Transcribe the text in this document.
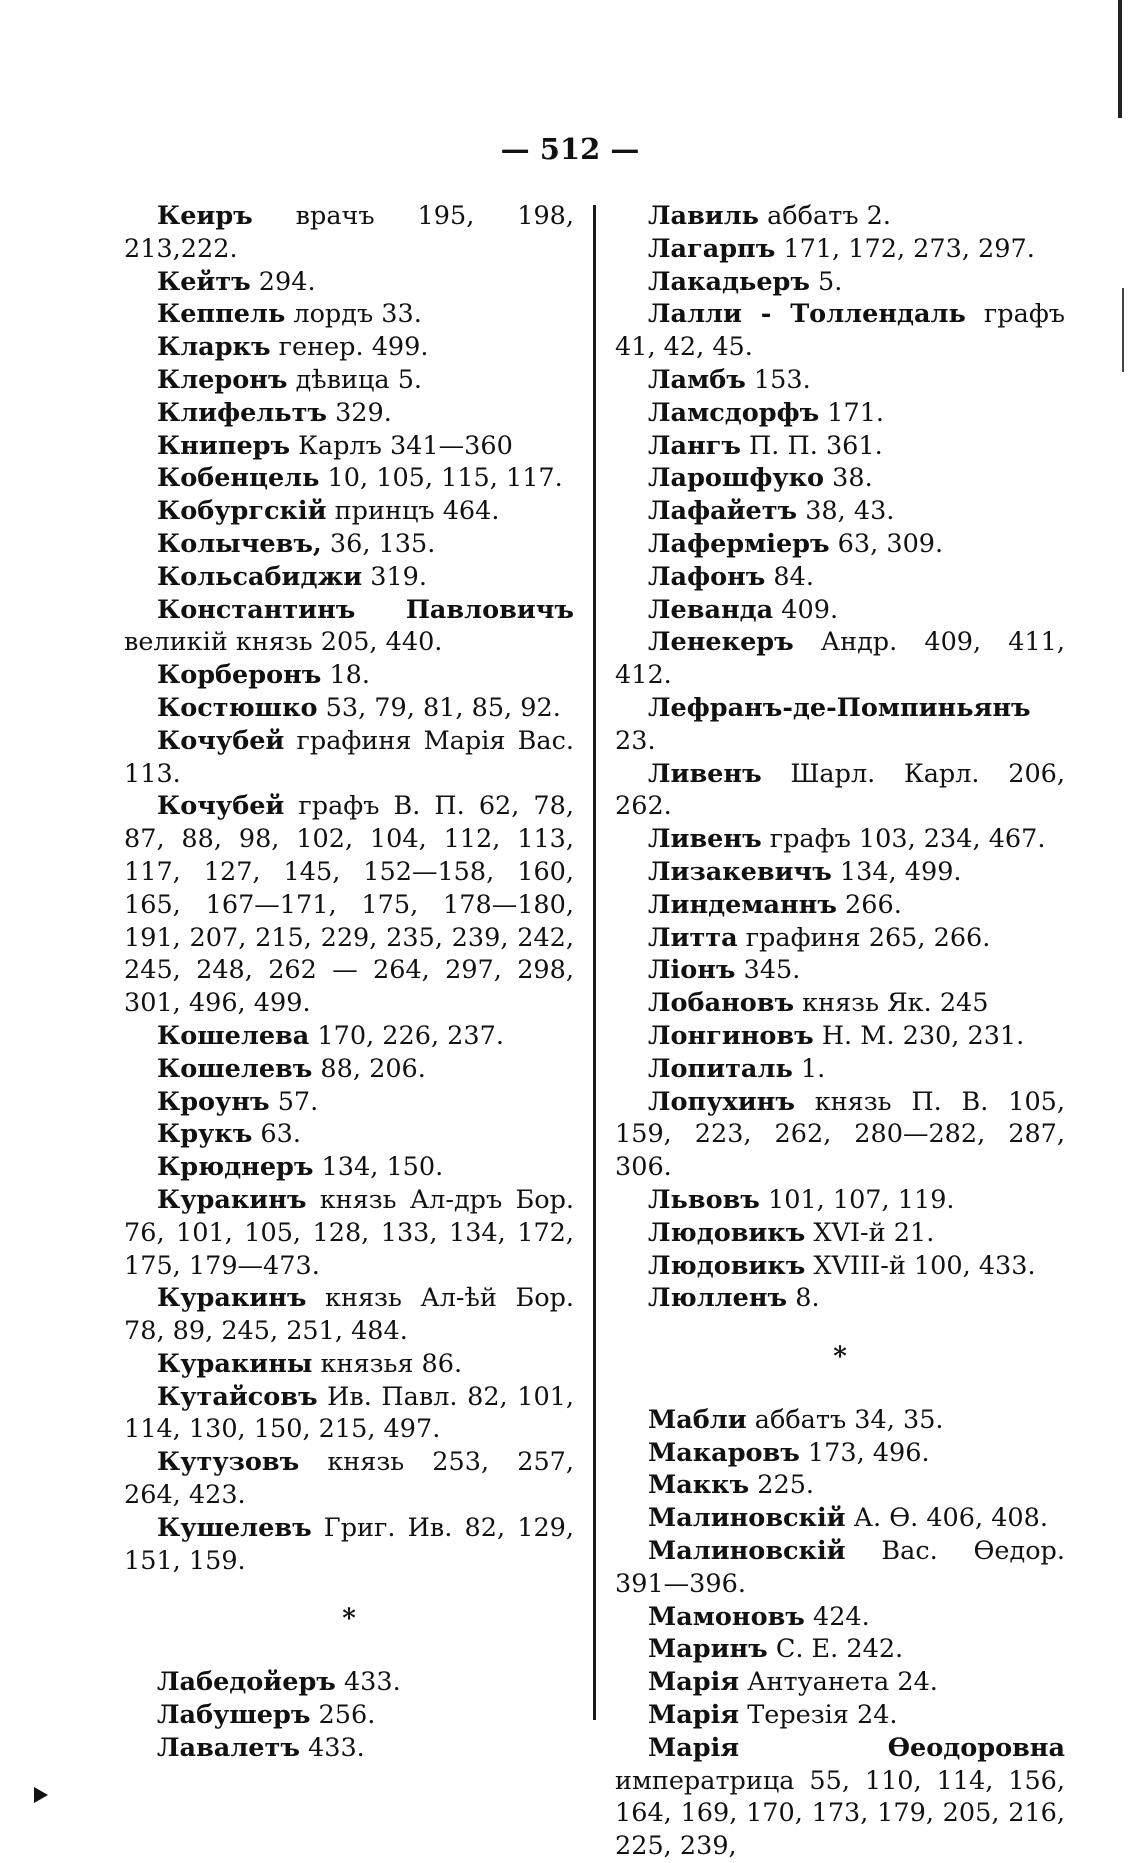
— 512 —
Кеиръ врачъ 195, 198, 213,222.
Кейтъ 294.
Кеппель лордъ 33.
Кларкъ генер. 499.
Клеронъ дѣвица 5.
Клифельтъ 329.
Книперъ Карлъ 341—360
Кобенцель 10, 105, 115, 117.
Кобургскій принцъ 464.
Колычевъ, 36, 135.
Кольсабиджи 319.
Константинъ Павловичъ великій князь 205, 440.
Корберонъ 18.
Костюшко 53, 79, 81, 85, 92.
Кочубей графиня Марія Вас. 113.
Кочубей графъ В. П. 62, 78, 87, 88, 98, 102, 104, 112, 113, 117, 127, 145, 152—158, 160, 165, 167—171, 175, 178—180, 191, 207, 215, 229, 235, 239, 242, 245, 248, 262 — 264, 297, 298, 301, 496, 499.
Кошелева 170, 226, 237.
Кошелевъ 88, 206.
Кроунъ 57.
Крукъ 63.
Крюднеръ 134, 150.
Куракинъ князь Ал-дръ Бор. 76, 101, 105, 128, 133, 134, 172, 175, 179—473.
Куракинъ князь Ал-ѣй Бор. 78, 89, 245, 251, 484.
Куракины князья 86.
Кутайсовъ Ив. Павл. 82, 101, 114, 130, 150, 215, 497.
Кутузовъ князь 253, 257, 264, 423.
Кушелевъ Григ. Ив. 82, 129, 151, 159.
*
Лабедойеръ 433.
Лабушеръ 256.
Лавалетъ 433.
Лавиль аббатъ 2.
Лагарпъ 171, 172, 273, 297.
Лакадьеръ 5.
Лалли - Толлендаль графъ 41, 42, 45.
Ламбъ 153.
Ламсдорфъ 171.
Лангъ П. П. 361.
Ларошфуко 38.
Лафайетъ 38, 43.
Лаферміеръ 63, 309.
Лафонъ 84.
Леванда 409.
Ленекеръ Андр. 409, 411, 412.
Лефранъ-де-Помпиньянъ 23.
Ливенъ Шарл. Карл. 206, 262.
Ливенъ графъ 103, 234, 467.
Лизакевичъ 134, 499.
Линдеманнъ 266.
Литта графиня 265, 266.
Ліонъ 345.
Лобановъ князь Як. 245
Лонгиновъ Н. М. 230, 231.
Лопиталь 1.
Лопухинъ князь П. В. 105, 159, 223, 262, 280—282, 287, 306.
Львовъ 101, 107, 119.
Людовикъ XVI-й 21.
Людовикъ XVIII-й 100, 433.
Люлленъ 8.
*
Мабли аббатъ 34, 35.
Макаровъ 173, 496.
Маккъ 225.
Малиновскій А. Ѳ. 406, 408.
Малиновскій Вас. Ѳедор. 391—396.
Мамоновъ 424.
Маринъ С. Е. 242.
Марія Антуанета 24.
Марія Терезія 24.
Марія Ѳеодоровна императрица 55, 110, 114, 156, 164, 169, 170, 173, 179, 205, 216, 225, 239,
